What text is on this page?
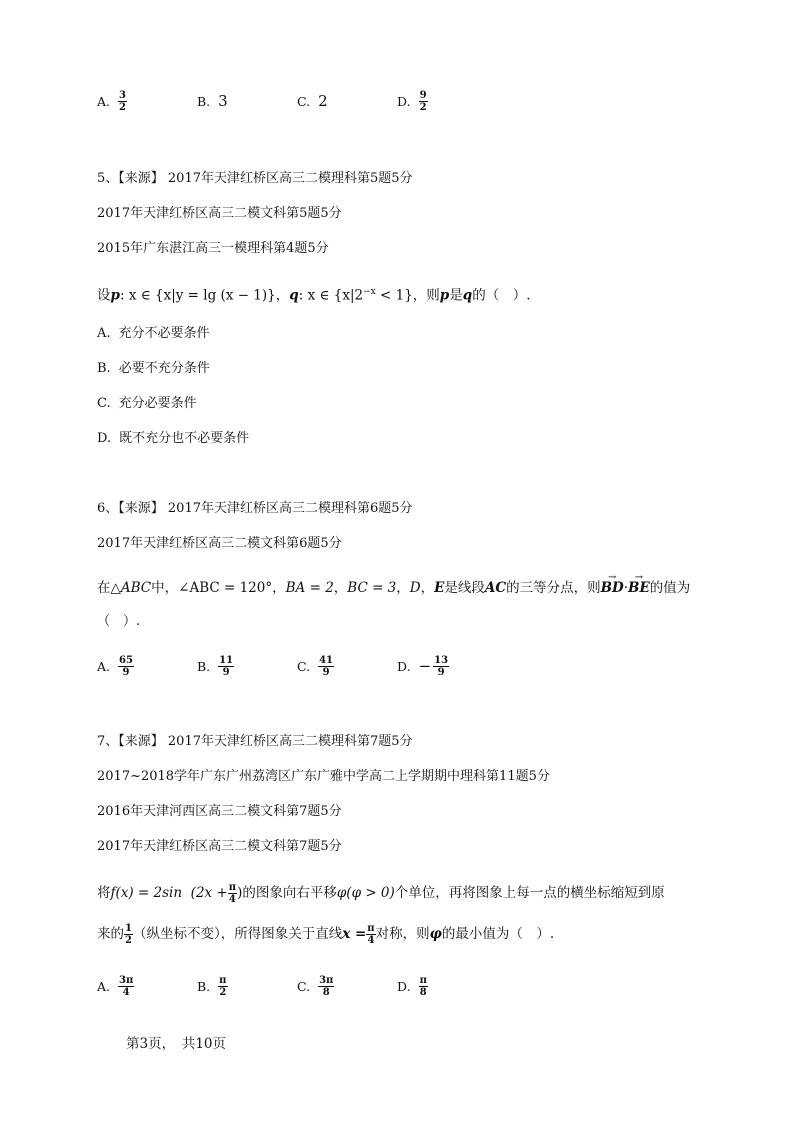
A. $\frac{3}{2}$	B. 3	C. 2	D. $\frac{9}{2}$
5、【来源】 2017年天津红桥区高三二模理科第5题5分
2017年天津红桥区高三二模文科第5题5分
2015年广东湛江高三一模理科第4题5分
设p: x ∈ {x|y = lg (x − 1)}，q: x ∈ $\{x|2^{-x} < 1\}$，则p是q的（　）.
A. 充分不必要条件
B. 必要不充分条件
C. 充分必要条件
D. 既不充分也不必要条件
6、【来源】 2017年天津红桥区高三二模理科第6题5分
2017年天津红桥区高三二模文科第6题5分
在△ABC中，∠ABC = 120°，BA = 2，BC = 3，D，E是线段AC的三等分点，则→ BD·→ BE的值为
（　）.
A. $\frac{65}{9}$	B. $\frac{11}{9}$	C. $\frac{41}{9}$	D. − $\frac{13}{9}$
7、【来源】 2017年天津红桥区高三二模理科第7题5分
2017~2018学年广东广州荔湾区广东广雅中学高二上学期期中理科第11题5分
2016年天津河西区高三二模文科第7题5分
2017年天津红桥区高三二模文科第7题5分
将 f(x) = 2sin
($2x + \frac{\pi}{4}$ ) 的图象向右平移 φ(φ > 0) 个单位，再将图象上每一点的横坐标缩短到原
来的 $\frac{1}{2}$ （纵坐标不变），所得图象关于直线 $x = \frac{\pi}{4}$ 对称，则 φ 的最小值为（　）.
A. $\frac{3\pi}{4}$	B. $\frac{\pi}{2}$	C. $\frac{3\pi}{8}$	D. $\frac{\pi}{8}$
第3页，　共10页
